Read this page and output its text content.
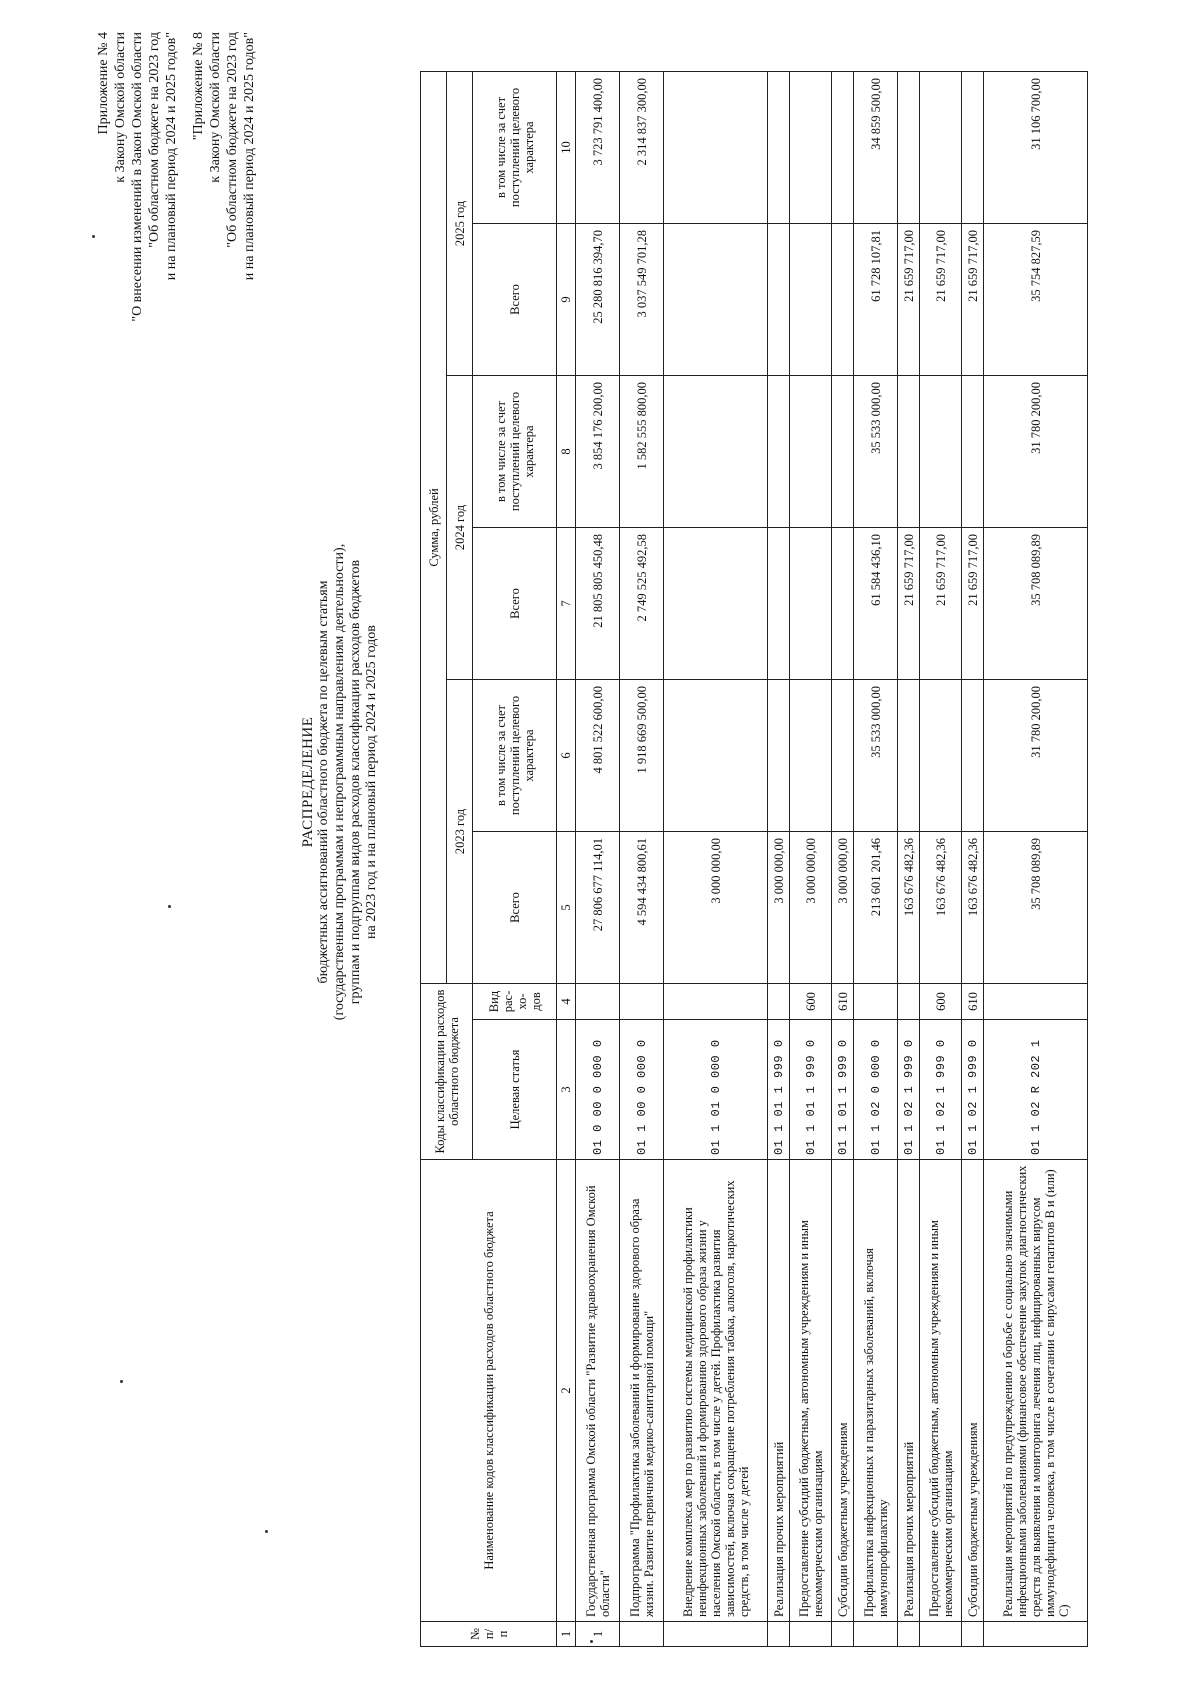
Приложение № 4 к Закону Омской области "О внесении изменений в Закон Омской области "Об областном бюджете на 2023 год и на плановый период 2024 и 2025 годов" "Приложение № 8 к Закону Омской области "Об областном бюджете на 2023 год и на плановый период 2024 и 2025 годов"
РАСПРЕДЕЛЕНИЕ бюджетных ассигнований областного бюджета по целевым статьям (государственным программам и непрограммным направлениям деятельности), группам и подгруппам видов расходов классификации расходов бюджетов на 2023 год и на плановый период 2024 и 2025 годов
№ п/п	Наименование кодов классификации расходов областного бюджета	Коды классификации расходов областного бюджета		Сумма, рублей					
				2023 год		2024 год		2025 год	
		Целевая статья	Вид рас-хо-дов	Всего	в том числе за счет поступлений целевого характера	Всего	в том числе за счет поступлений целевого характера	Всего	в том числе за счет поступлений целевого характера
1	2	3	4	5	6	7	8	9	10
1	Государственная программа Омской области "Развитие здравоохранения Омской области"	01 0 00 0 000 0		27 806 677 114,01	4 801 522 600,00	21 805 805 450,48	3 854 176 200,00	25 280 816 394,70	3 723 791 400,00
	Подпрограмма "Профилактика заболеваний и формирование здорового образа жизни. Развитие первичной медико-санитарной помощи"	01 1 00 0 000 0		4 594 434 800,61	1 918 669 500,00	2 749 525 492,58	1 582 555 800,00	3 037 549 701,28	2 314 837 300,00
	Внедрение комплекса мер по развитию системы медицинской профилактики неинфекционных заболеваний и формированию здорового образа жизни у населения Омской области, в том числе у детей. Профилактика развития зависимостей, включая сокращение потребления табака, алкоголя, наркотических средств, в том числе у детей	01 1 01 0 000 0		3 000 000,00					
	Реализация прочих мероприятий	01 1 01 1 999 0		3 000 000,00					
	Предоставление субсидий бюджетным, автономным учреждениям и иным некоммерческим организациям	01 1 01 1 999 0	600	3 000 000,00					
	Субсидии бюджетным учреждениям	01 1 01 1 999 0	610	3 000 000,00					
	Профилактика инфекционных и паразитарных заболеваний, включая иммунопрофилактику	01 1 02 0 000 0		213 601 201,46	35 533 000,00	61 584 436,10	35 533 000,00	61 728 107,81	34 859 500,00
	Реализация прочих мероприятий	01 1 02 1 999 0		163 676 482,36		21 659 717,00		21 659 717,00	
	Предоставление субсидий бюджетным, автономным учреждениям и иным некоммерческим организациям	01 1 02 1 999 0	600	163 676 482,36		21 659 717,00		21 659 717,00	
	Субсидии бюджетным учреждениям	01 1 02 1 999 0	610	163 676 482,36		21 659 717,00		21 659 717,00	
	Реализация мероприятий по предупреждению и борьбе с социально значимыми инфекционными заболеваниями (финансовое обеспечение закупок диагностических средств для выявления и мониторинга лечения лиц, инфицированных вирусом иммунодефицита человека, в том числе в сочетании с вирусами гепатитов B и (или) C)	01 1 02 R 202 1		35 708 089,89	31 780 200,00	35 708 089,89	31 780 200,00	35 754 827,59	31 106 700,00
